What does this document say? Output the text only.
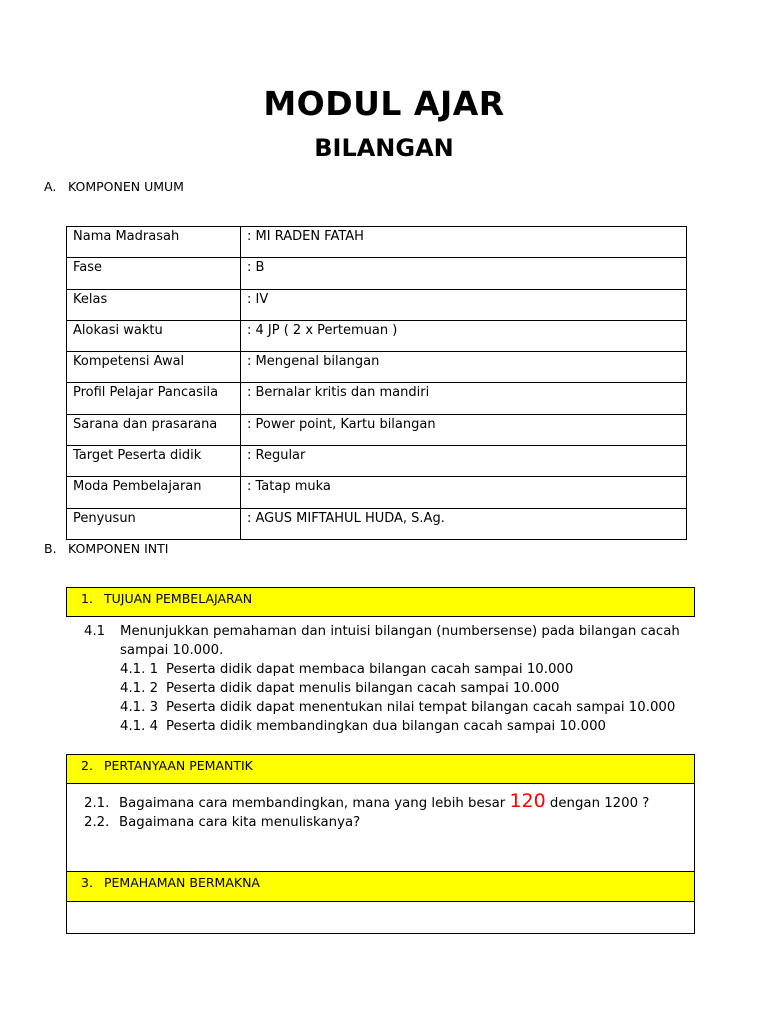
MODUL AJAR
BILANGAN
A. KOMPONEN UMUM
Nama Madrasah	: MI RADEN FATAH
Fase	: B
Kelas	: IV
Alokasi waktu	: 4 JP ( 2 x Pertemuan )
Kompetensi Awal	: Mengenal bilangan
Profil Pelajar Pancasila	: Bernalar kritis dan mandiri
Sarana dan prasarana	: Power point, Kartu bilangan
Target Peserta didik	: Regular
Moda Pembelajaran	: Tatap muka
Penyusun	: AGUS MIFTAHUL HUDA, S.Ag.
B. KOMPONEN INTI
1. TUJUAN PEMBELAJARAN
4.1 Menunjukkan pemahaman dan intuisi bilangan (numbersense) pada bilangan cacah
sampai 10.000.
4.1. 1 Peserta didik dapat membaca bilangan cacah sampai 10.000
4.1. 2 Peserta didik dapat menulis bilangan cacah sampai 10.000
4.1. 3 Peserta didik dapat menentukan nilai tempat bilangan cacah sampai 10.000
4.1. 4 Peserta didik membandingkan dua bilangan cacah sampai 10.000
2. PERTANYAAN PEMANTIK
2.1. Bagaimana cara membandingkan, mana yang lebih besar 120 dengan 1200 ?
2.2. Bagaimana cara kita menuliskanya?
3. PEMAHAMAN BERMAKNA
